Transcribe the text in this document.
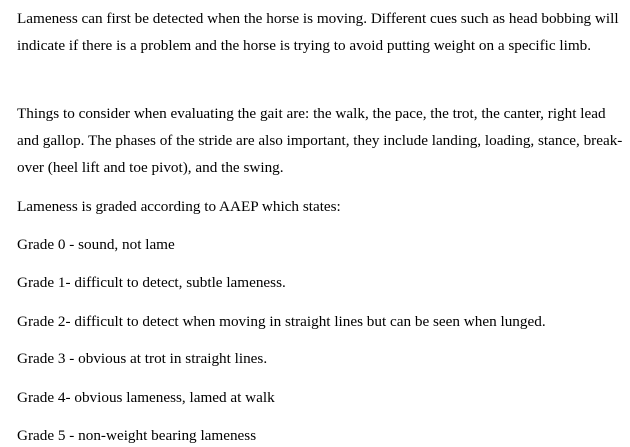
Lameness can first be detected when the horse is moving. Different cues such as head bobbing will indicate if there is a problem and the horse is trying to avoid putting weight on a specific limb.

Things to consider when evaluating the gait are: the walk, the pace, the trot, the canter, right lead and gallop. The phases of the stride are also important, they include landing, loading, stance, break-over (heel lift and toe pivot), and the swing.

Lameness is graded according to AAEP which states:

Grade 0 - sound, not lame

Grade 1- difficult to detect, subtle lameness.

Grade 2- difficult to detect when moving in straight lines but can be seen when lunged.

Grade 3 - obvious at trot in straight lines.

Grade 4- obvious lameness, lamed at walk

Grade 5 - non-weight bearing lameness
